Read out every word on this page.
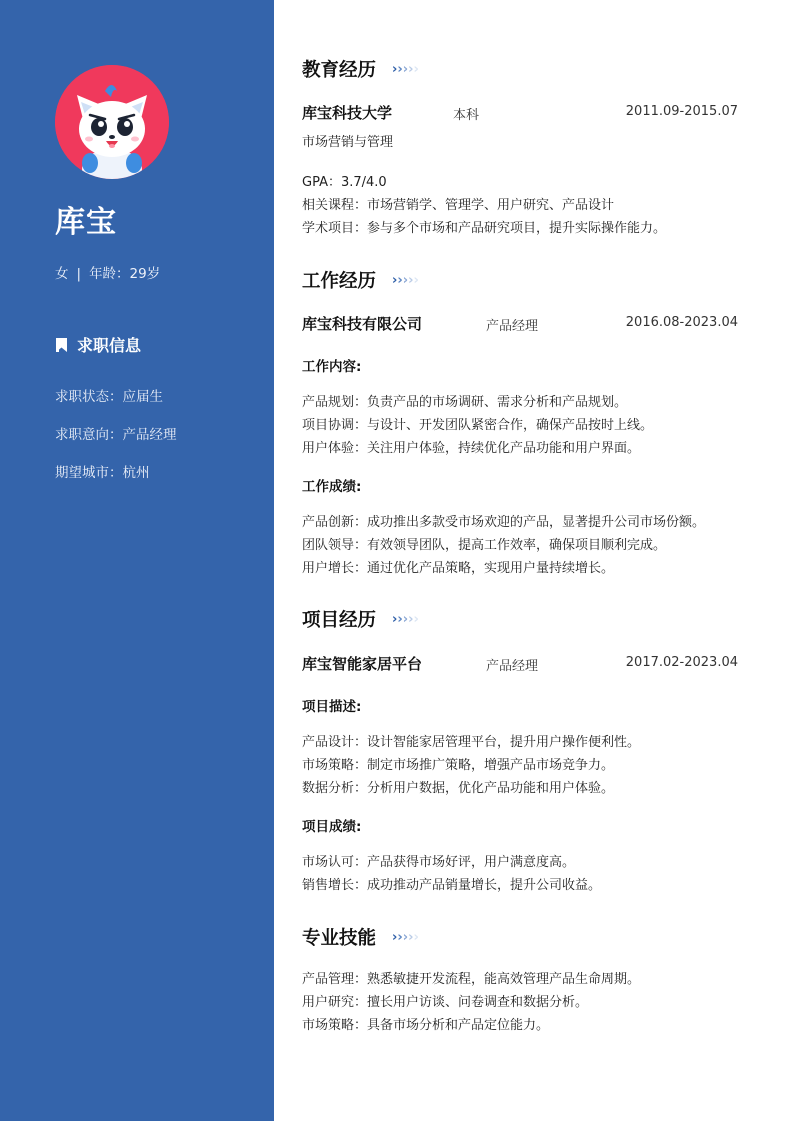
库宝
女 | 年龄：29岁
求职信息
求职状态：应届生
求职意向：产品经理
期望城市：杭州
教育经历 › › › › ›
库宝科技大学	本科	2011.09-2015.07
市场营销与管理
GPA：3.7/4.0
相关课程：市场营销学、管理学、用户研究、产品设计
学术项目：参与多个市场和产品研究项目，提升实际操作能力。
工作经历 › › › › ›
库宝科技有限公司	产品经理	2016.08-2023.04
工作内容:
产品规划：负责产品的市场调研、需求分析和产品规划。
项目协调：与设计、开发团队紧密合作，确保产品按时上线。
用户体验：关注用户体验，持续优化产品功能和用户界面。
工作成绩:
产品创新：成功推出多款受市场欢迎的产品，显著提升公司市场份额。
团队领导：有效领导团队，提高工作效率，确保项目顺利完成。
用户增长：通过优化产品策略，实现用户量持续增长。
项目经历 › › › › ›
库宝智能家居平台	产品经理	2017.02-2023.04
项目描述:
产品设计：设计智能家居管理平台，提升用户操作便利性。
市场策略：制定市场推广策略，增强产品市场竞争力。
数据分析：分析用户数据，优化产品功能和用户体验。
项目成绩:
市场认可：产品获得市场好评，用户满意度高。
销售增长：成功推动产品销量增长，提升公司收益。
专业技能 › › › › ›
产品管理：熟悉敏捷开发流程，能高效管理产品生命周期。
用户研究：擅长用户访谈、问卷调查和数据分析。
市场策略：具备市场分析和产品定位能力。
